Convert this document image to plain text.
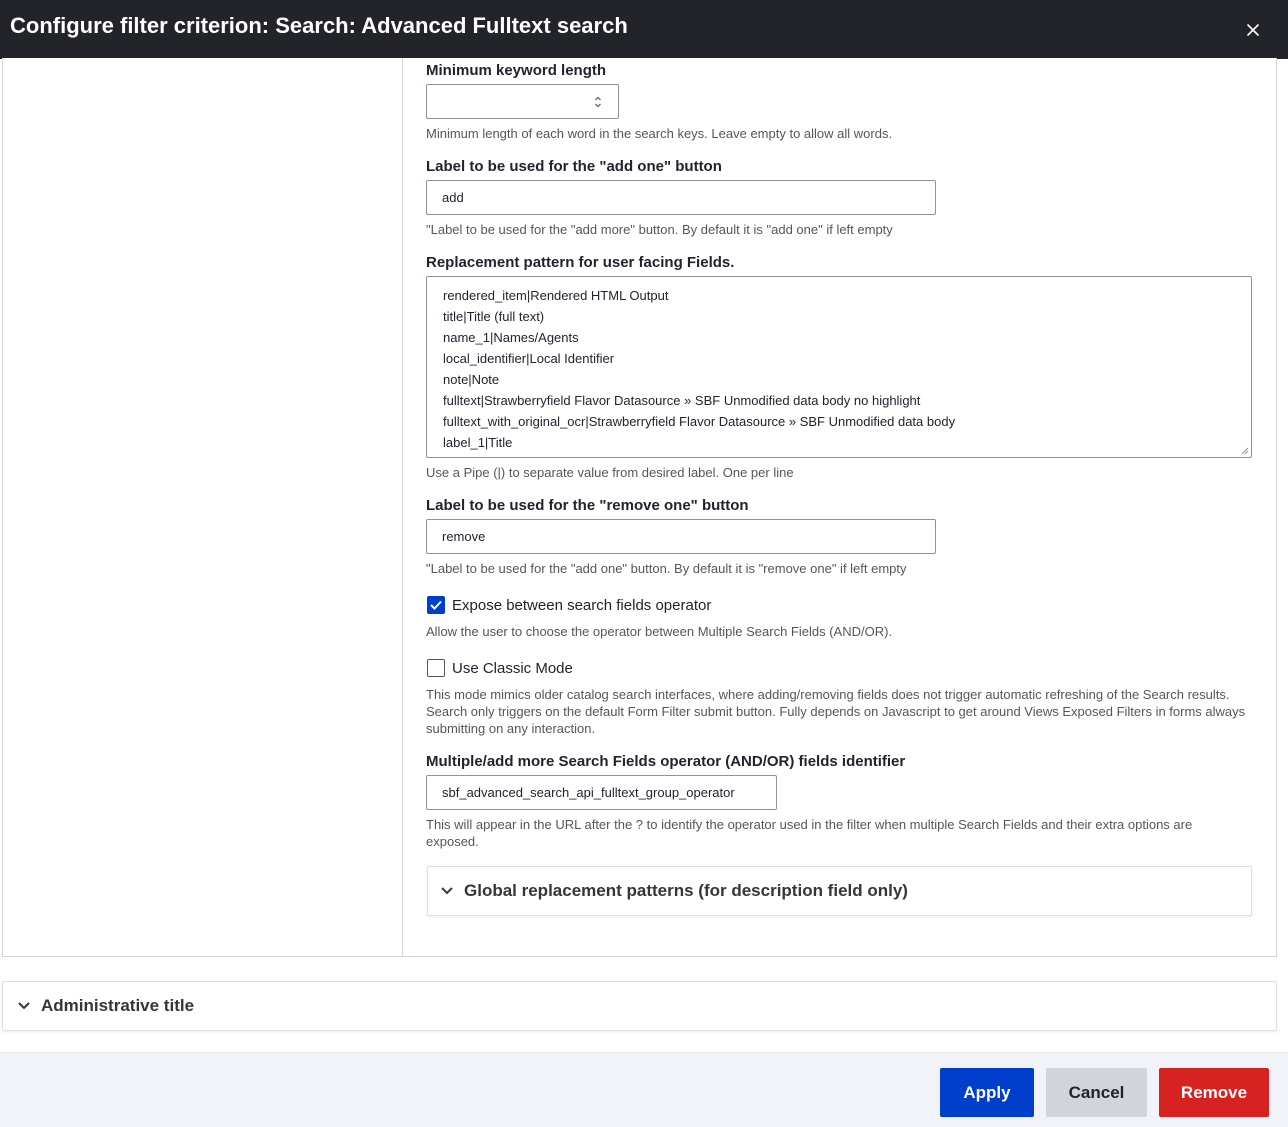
Configure filter criterion: Search: Advanced Fulltext search
Minimum keyword length
Minimum length of each word in the search keys. Leave empty to allow all words.
Label to be used for the "add one" button
add
"Label to be used for the "add more" button. By default it is "add one" if left empty
Replacement pattern for user facing Fields.
rendered_item|Rendered HTML Output
title|Title (full text)
name_1|Names/Agents
local_identifier|Local Identifier
note|Note
fulltext|Strawberryfield Flavor Datasource » SBF Unmodified data body no highlight
fulltext_with_original_ocr|Strawberryfield Flavor Datasource » SBF Unmodified data body
label_1|Title
Use a Pipe (|) to separate value from desired label. One per line
Label to be used for the "remove one" button
remove
"Label to be used for the "add one" button. By default it is "remove one" if left empty
Expose between search fields operator
Allow the user to choose the operator between Multiple Search Fields (AND/OR).
Use Classic Mode
This mode mimics older catalog search interfaces, where adding/removing fields does not trigger automatic refreshing of the Search results. Search only triggers on the default Form Filter submit button. Fully depends on Javascript to get around Views Exposed Filters in forms always submitting on any interaction.
Multiple/add more Search Fields operator (AND/OR) fields identifier
sbf_advanced_search_api_fulltext_group_operator
This will appear in the URL after the ? to identify the operator used in the filter when multiple Search Fields and their extra options are exposed.
Global replacement patterns (for description field only)
Administrative title
Apply	Cancel	Remove
